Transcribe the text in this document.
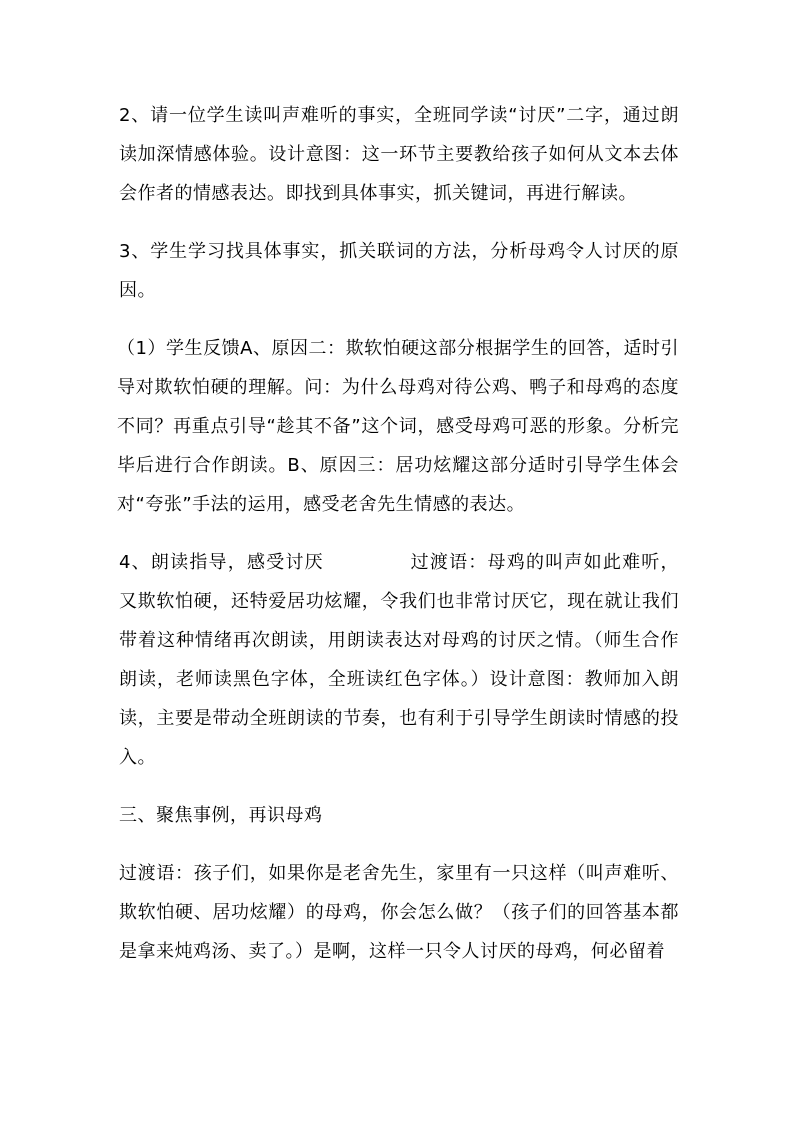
2、请一位学生读叫声难听的事实，全班同学读“讨厌”二字，通过朗读加深情感体验。设计意图：这一环节主要教给孩子如何从文本去体会作者的情感表达。即找到具体事实，抓关键词，再进行解读。

3、学生学习找具体事实，抓关联词的方法，分析母鸡令人讨厌的原因。

（1）学生反馈A、原因二：欺软怕硬这部分根据学生的回答，适时引导对欺软怕硬的理解。问：为什么母鸡对待公鸡、鸭子和母鸡的态度不同？再重点引导“趁其不备”这个词，感受母鸡可恶的形象。分析完毕后进行合作朗读。B、原因三：居功炫耀这部分适时引导学生体会对“夸张”手法的运用，感受老舍先生情感的表达。

4、朗读指导，感受讨厌	过渡语：母鸡的叫声如此难听，又欺软怕硬，还特爱居功炫耀，令我们也非常讨厌它，现在就让我们带着这种情绪再次朗读，用朗读表达对母鸡的讨厌之情。（师生合作朗读，老师读黑色字体，全班读红色字体。）设计意图：教师加入朗读，主要是带动全班朗读的节奏，也有利于引导学生朗读时情感的投入。

三、聚焦事例，再识母鸡

过渡语：孩子们，如果你是老舍先生，家里有一只这样（叫声难听、欺软怕硬、居功炫耀）的母鸡，你会怎么做？（孩子们的回答基本都是拿来炖鸡汤、卖了。）是啊，这样一只令人讨厌的母鸡，何必留着
